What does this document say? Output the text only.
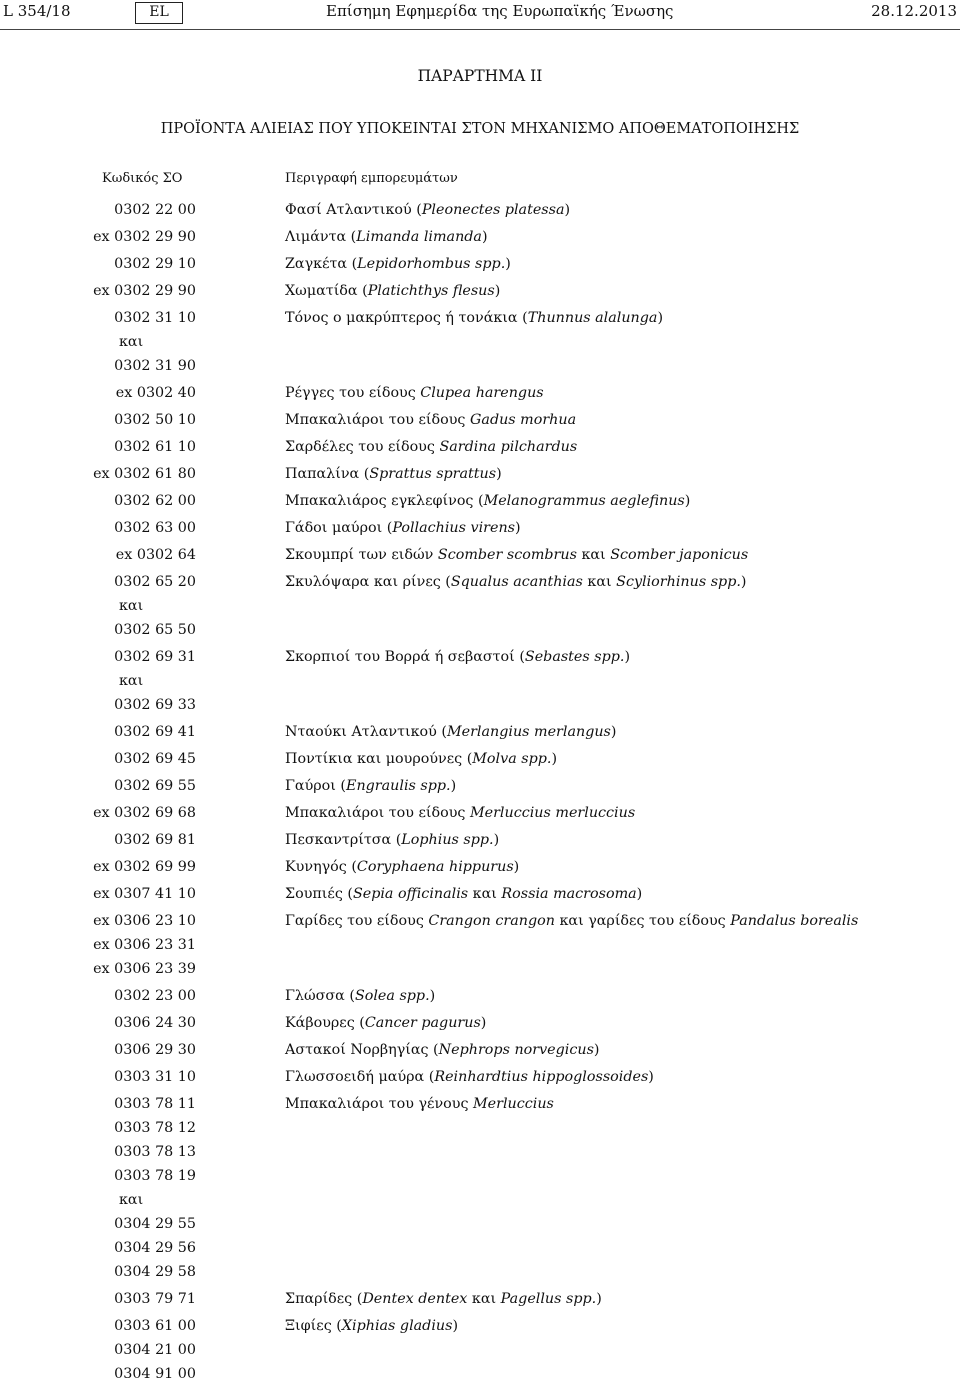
L 354/18	EL	Επίσημη Εφημερίδα της Ευρωπαϊκής Ένωσης	28.12.2013
ΠΑΡΑΡΤΗΜΑ II
ΠΡΟΪΟΝΤΑ ΑΛΙΕΙΑΣ ΠΟΥ ΥΠΟΚΕΙΝΤΑΙ ΣΤΟΝ ΜΗΧΑΝΙΣΜΟ ΑΠΟΘΕΜΑΤΟΠΟΙΗΣΗΣ
Κωδικός ΣΟ	Περιγραφή εμπορευμάτων
0302 22 00	Φασί Ατλαντικού (Pleonectes platessa)
ex 0302 29 90	Λιμάντα (Limanda limanda)
0302 29 10	Ζαγκέτα (Lepidorhombus spp.)
ex 0302 29 90	Χωματίδα (Platichthys flesus)
0302 31 10	Τόνος ο μακρύπτερος ή τονάκια (Thunnus alalunga)
και
0302 31 90
ex 0302 40	Ρέγγες του είδους Clupea harengus
0302 50 10	Μπακαλιάροι του είδους Gadus morhua
0302 61 10	Σαρδέλες του είδους Sardina pilchardus
ex 0302 61 80	Παπαλίνα (Sprattus sprattus)
0302 62 00	Μπακαλιάρος εγκλεφίνος (Melanogrammus aeglefinus)
0302 63 00	Γάδοι μαύροι (Pollachius virens)
ex 0302 64	Σκουμπρί των ειδών Scomber scombrus και Scomber japonicus
0302 65 20	Σκυλόψαρα και ρίνες (Squalus acanthias και Scyliorhinus spp.)
και
0302 65 50
0302 69 31	Σκορπιοί του Βορρά ή σεβαστοί (Sebastes spp.)
και
0302 69 33
0302 69 41	Νταούκι Ατλαντικού (Merlangius merlangus)
0302 69 45	Ποντίκια και μουρούνες (Molva spp.)
0302 69 55	Γαύροι (Engraulis spp.)
ex 0302 69 68	Μπακαλιάροι του είδους Merluccius merluccius
0302 69 81	Πεσκαντρίτσα (Lophius spp.)
ex 0302 69 99	Κυνηγός (Coryphaena hippurus)
ex 0307 41 10	Σουπιές (Sepia officinalis και Rossia macrosoma)
ex 0306 23 10	Γαρίδες του είδους Crangon crangon και γαρίδες του είδους Pandalus borealis
ex 0306 23 31
ex 0306 23 39
0302 23 00	Γλώσσα (Solea spp.)
0306 24 30	Κάβουρες (Cancer pagurus)
0306 29 30	Αστακοί Νορβηγίας (Nephrops norvegicus)
0303 31 10	Γλωσσοειδή μαύρα (Reinhardtius hippoglossoides)
0303 78 11	Μπακαλιάροι του γένους Merluccius
0303 78 12
0303 78 13
0303 78 19
και
0304 29 55
0304 29 56
0304 29 58
0303 79 71	Σπαρίδες (Dentex dentex και Pagellus spp.)
0303 61 00	Ξιφίες (Xiphias gladius)
0304 21 00
0304 91 00
